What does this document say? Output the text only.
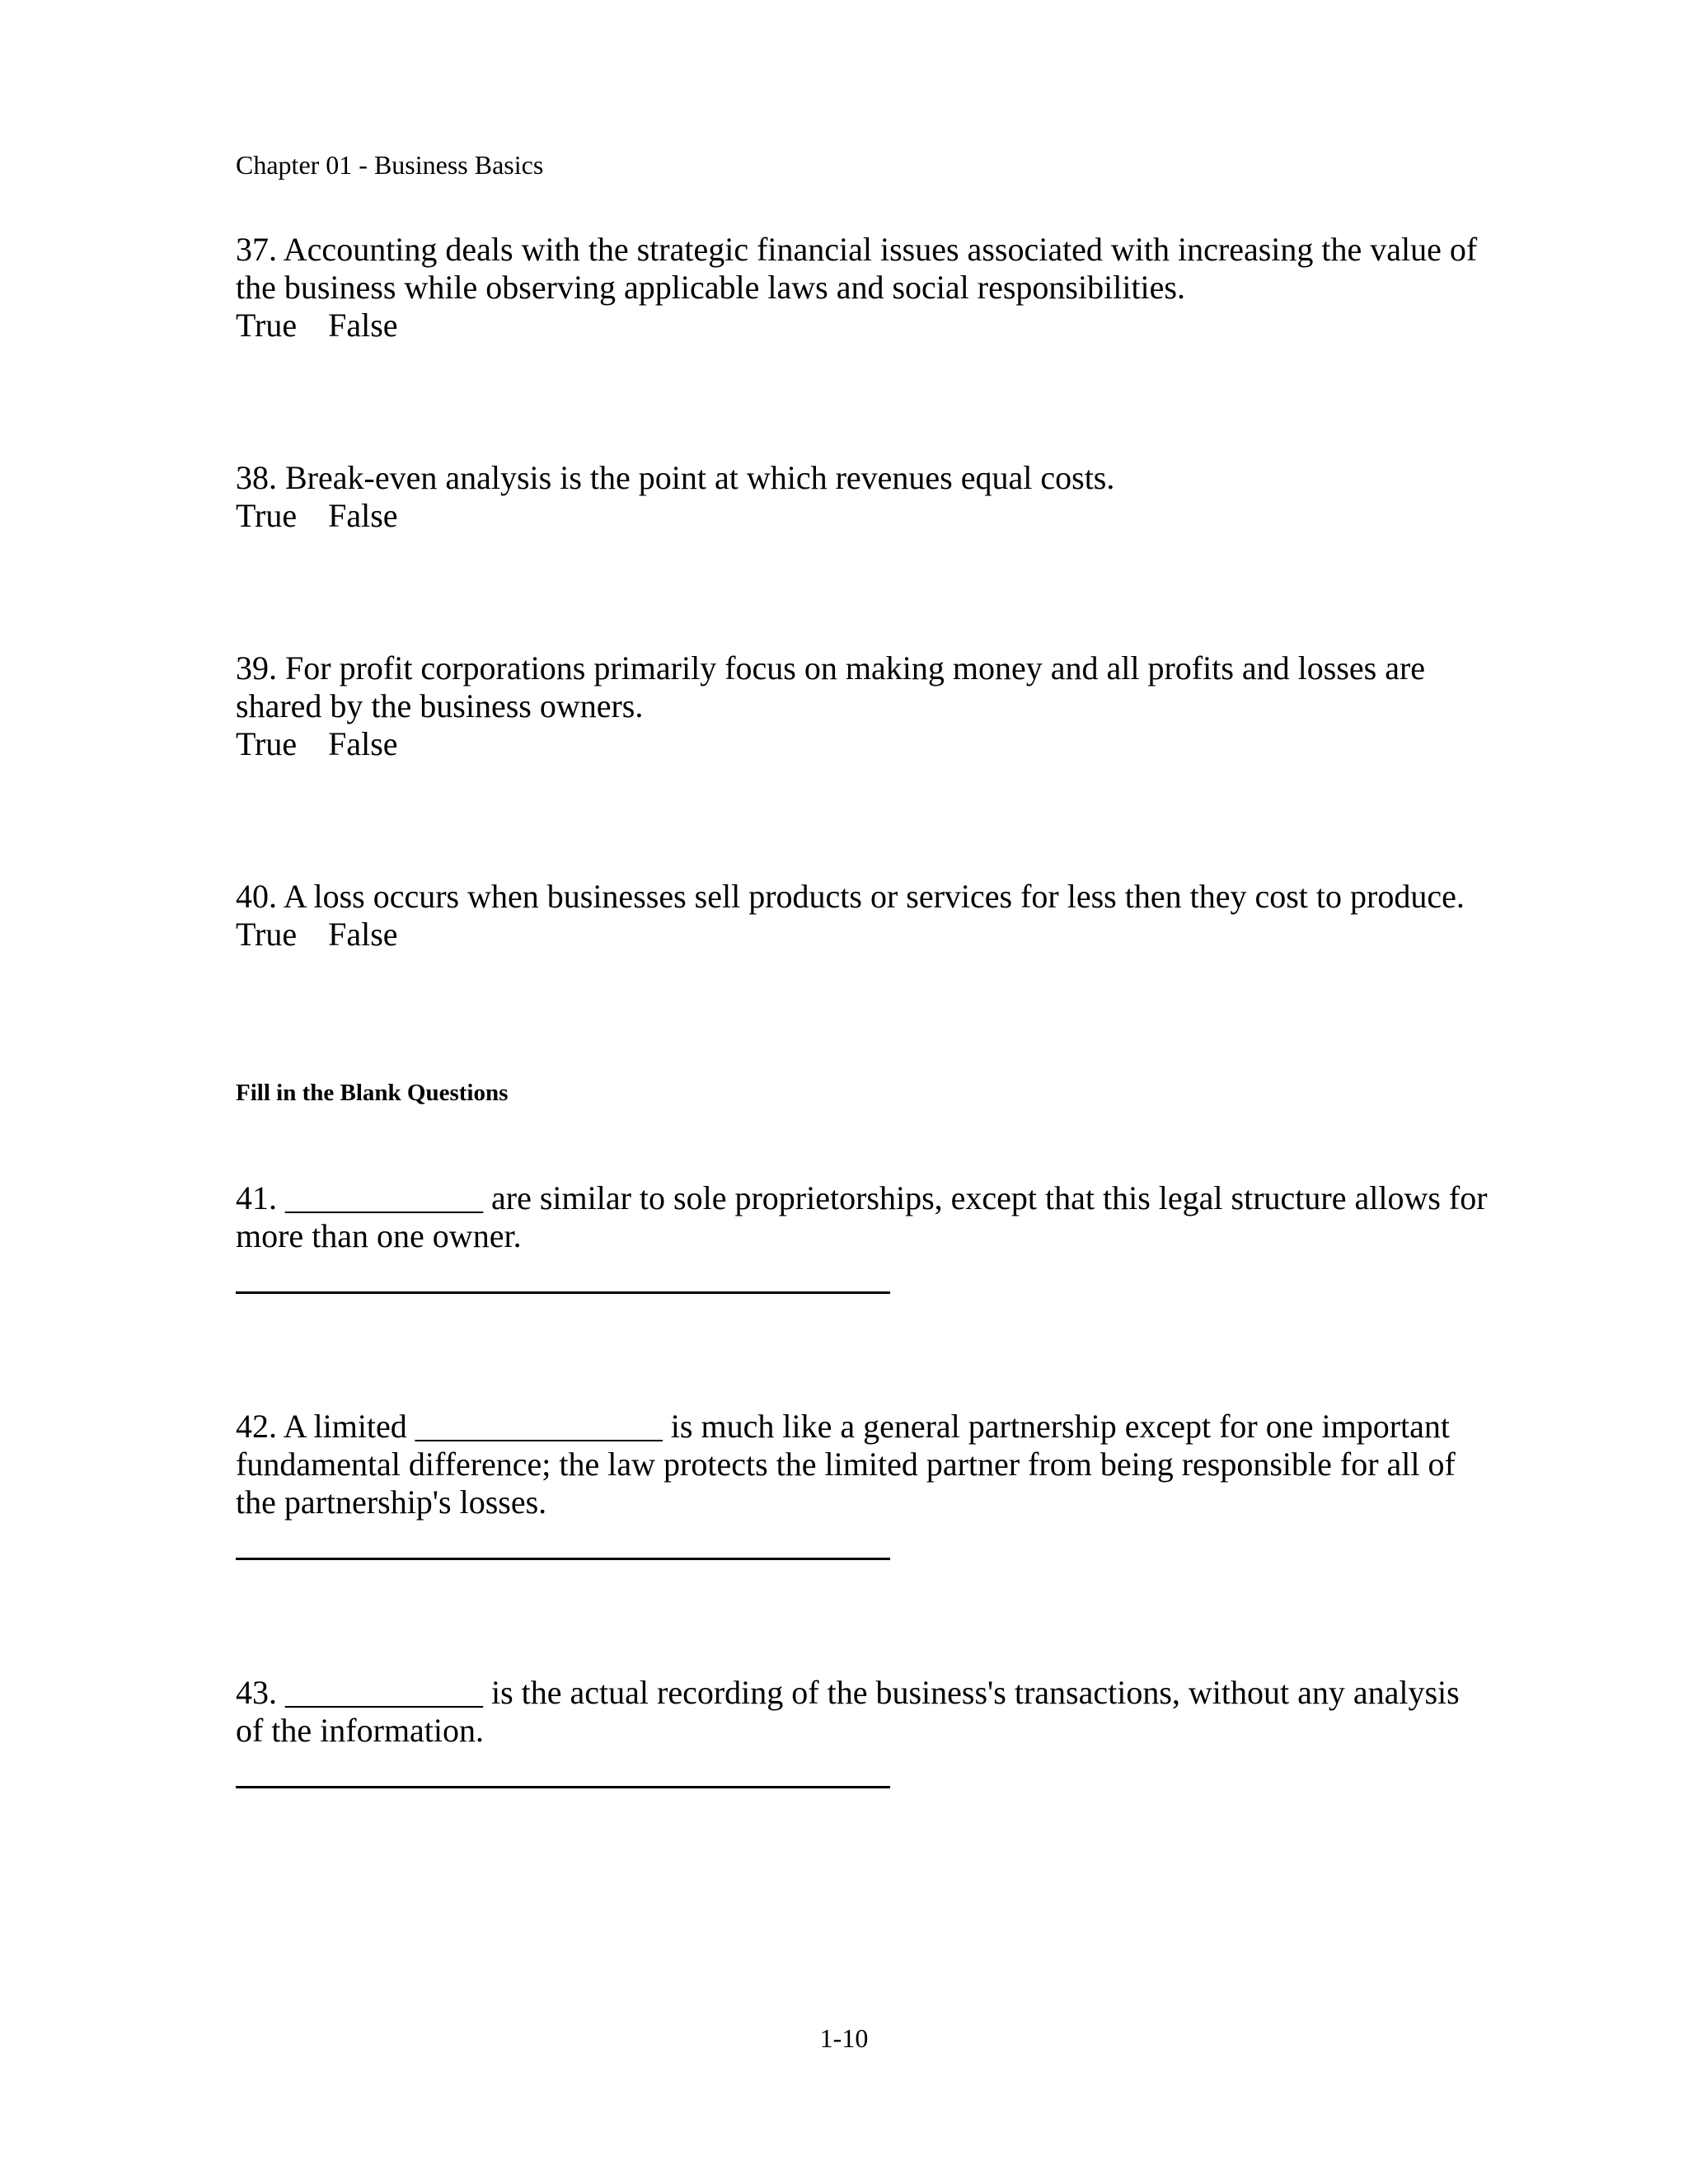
Chapter 01 - Business Basics
37. Accounting deals with the strategic financial issues associated with increasing the value of the business while observing applicable laws and social responsibilities.
True False
38. Break-even analysis is the point at which revenues equal costs.
True False
39. For profit corporations primarily focus on making money and all profits and losses are shared by the business owners.
True False
40. A loss occurs when businesses sell products or services for less then they cost to produce.
True False
Fill in the Blank Questions
41. ____________ are similar to sole proprietorships, except that this legal structure allows for more than one owner.
42. A limited _______________ is much like a general partnership except for one important fundamental difference; the law protects the limited partner from being responsible for all of the partnership's losses.
43. ____________ is the actual recording of the business's transactions, without any analysis of the information.
1-10
